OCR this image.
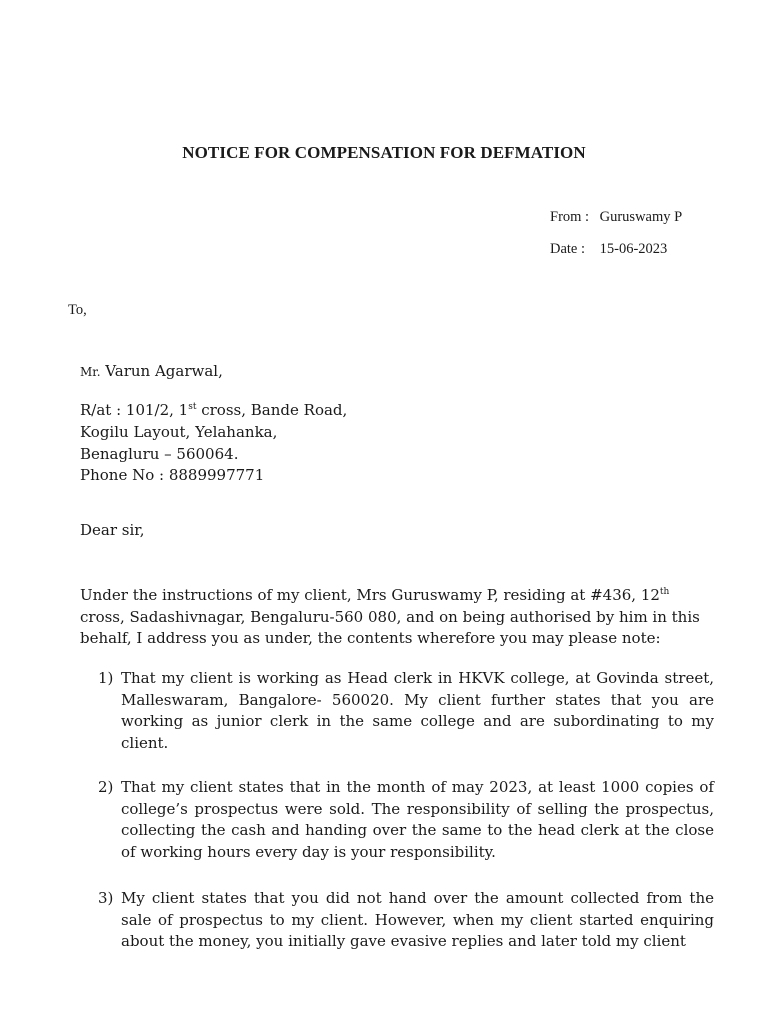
NOTICE FOR COMPENSATION FOR DEFMATION
From : Guruswamy P
Date : 15-06-2023
To,
Mr. Varun Agarwal,
R/at : 101/2, 1st cross, Bande Road,
Kogilu Layout, Yelahanka,
Benagluru – 560064.
Phone No : 8889997771
Dear sir,
Under the instructions of my client, Mrs Guruswamy P, residing at #436, 12th cross, Sadashivnagar, Bengaluru-560 080, and on being authorised by him in this behalf, I address you as under, the contents wherefore you may please note:
1) That my client is working as Head clerk in HKVK college, at Govinda street, Malleswaram, Bangalore- 560020. My client further states that you are working as junior clerk in the same college and are subordinating to my client.
2) That my client states that in the month of may 2023, at least 1000 copies of college’s prospectus were sold. The responsibility of selling the prospectus, collecting the cash and handing over the same to the head clerk at the close of working hours every day is your responsibility.
3) My client states that you did not hand over the amount collected from the sale of prospectus to my client. However, when my client started enquiring about the money, you initially gave evasive replies and later told my client
